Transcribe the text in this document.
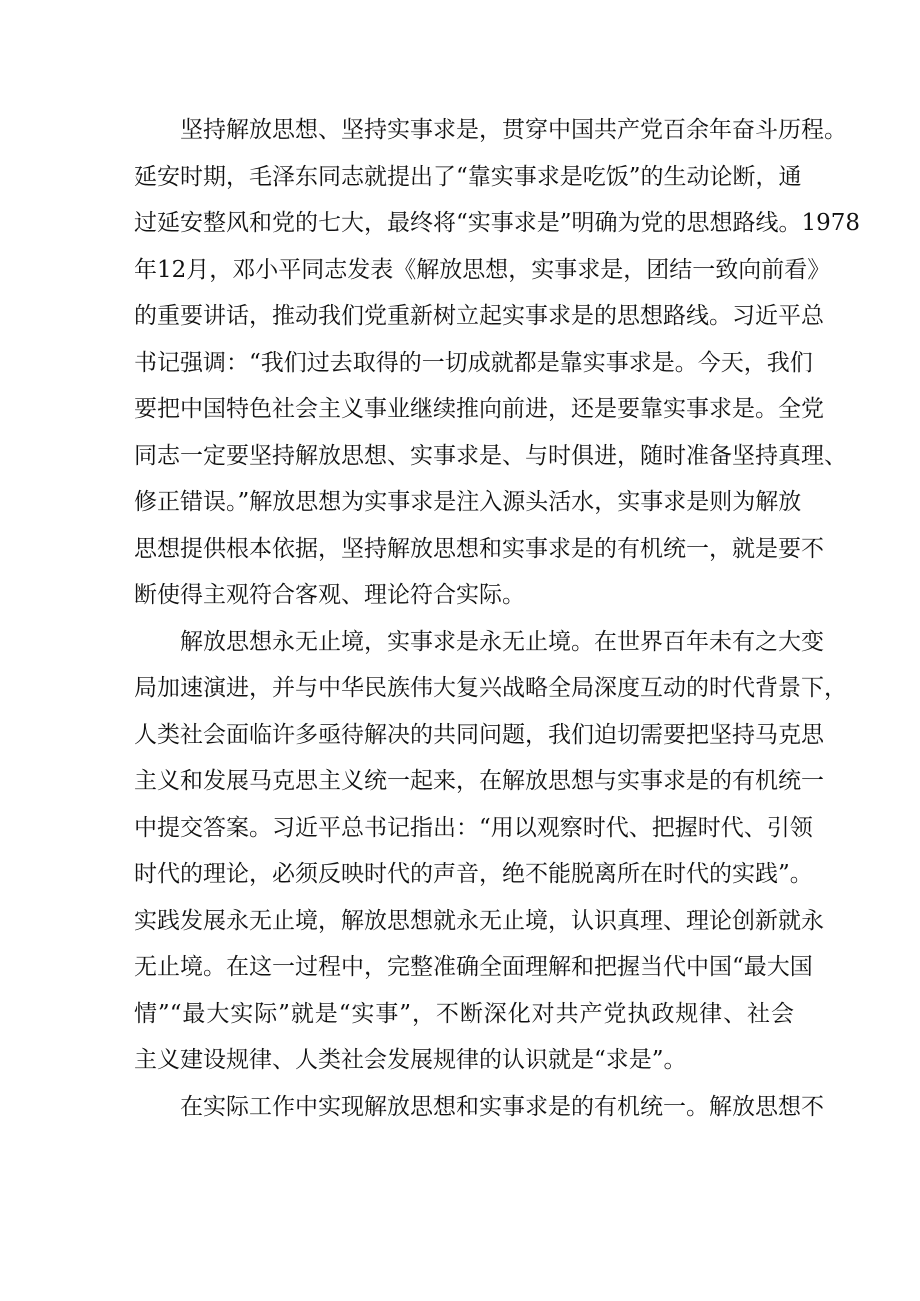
坚持解放思想、坚持实事求是，贯穿中国共产党百余年奋斗历程。
延安时期，毛泽东同志就提出了“靠实事求是吃饭”的生动论断，通
过延安整风和党的七大，最终将“实事求是”明确为党的思想路线。1978
年12月，邓小平同志发表《解放思想，实事求是，团结一致向前看》
的重要讲话，推动我们党重新树立起实事求是的思想路线。习近平总
书记强调：“我们过去取得的一切成就都是靠实事求是。今天，我们
要把中国特色社会主义事业继续推向前进，还是要靠实事求是。全党
同志一定要坚持解放思想、实事求是、与时俱进，随时准备坚持真理、
修正错误。”解放思想为实事求是注入源头活水，实事求是则为解放
思想提供根本依据，坚持解放思想和实事求是的有机统一，就是要不
断使得主观符合客观、理论符合实际。
解放思想永无止境，实事求是永无止境。在世界百年未有之大变
局加速演进，并与中华民族伟大复兴战略全局深度互动的时代背景下，
人类社会面临许多亟待解决的共同问题，我们迫切需要把坚持马克思
主义和发展马克思主义统一起来，在解放思想与实事求是的有机统一
中提交答案。习近平总书记指出：“用以观察时代、把握时代、引领
时代的理论，必须反映时代的声音，绝不能脱离所在时代的实践”。
实践发展永无止境，解放思想就永无止境，认识真理、理论创新就永
无止境。在这一过程中，完整准确全面理解和把握当代中国“最大国
情”“最大实际”就是“实事”，不断深化对共产党执政规律、社会
主义建设规律、人类社会发展规律的认识就是“求是”。
在实际工作中实现解放思想和实事求是的有机统一。解放思想不
